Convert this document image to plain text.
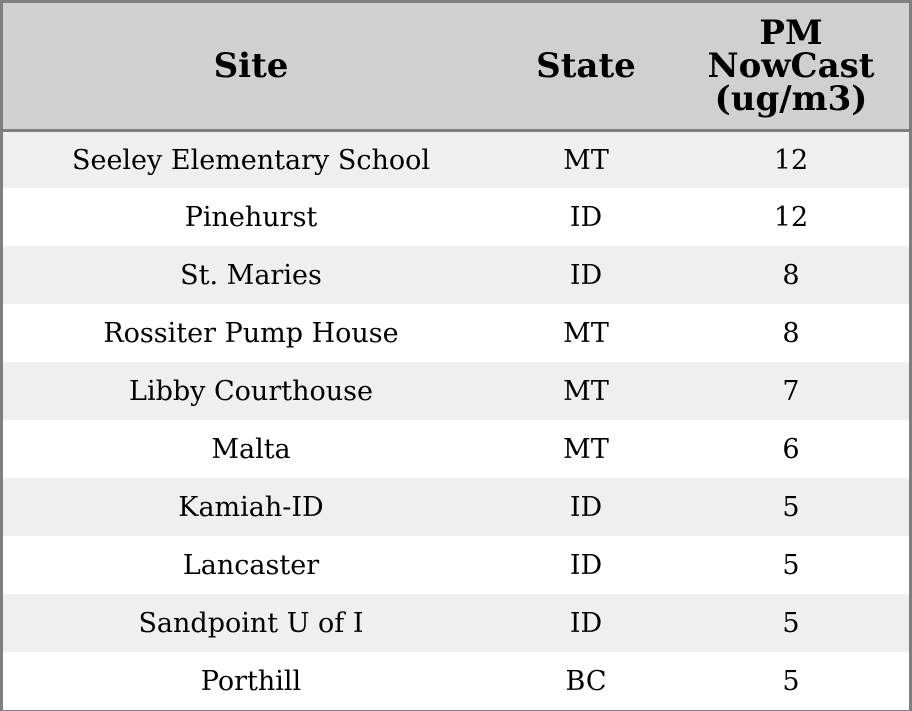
Site	State	PM NowCast (ug/m3)

Seeley Elementary School	MT	12
Pinehurst	ID	12
St. Maries	ID	8
Rossiter Pump House	MT	8
Libby Courthouse	MT	7
Malta	MT	6
Kamiah-ID	ID	5
Lancaster	ID	5
Sandpoint U of I	ID	5
Porthill	BC	5
